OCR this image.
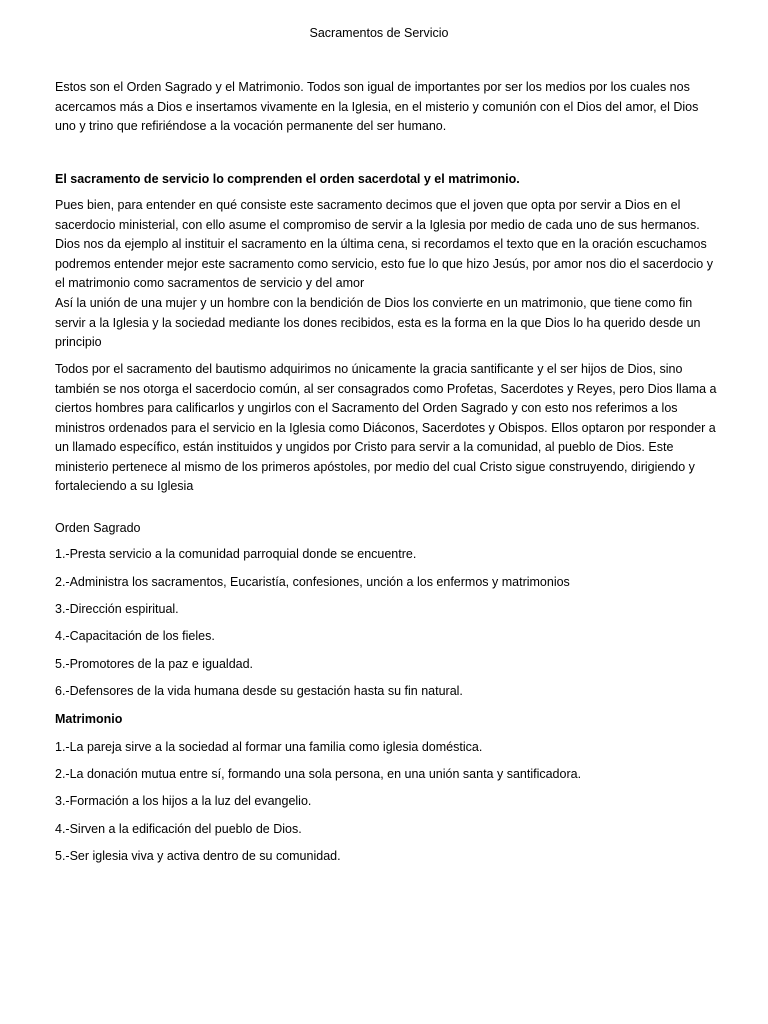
Sacramentos de Servicio
Estos son el Orden Sagrado y el Matrimonio. Todos son igual de importantes por ser los medios por los cuales nos acercamos más a Dios e insertamos vivamente en la Iglesia, en el misterio y comunión con el Dios del amor, el Dios uno y trino que refiriéndose a la vocación permanente del ser humano.
El sacramento de servicio lo comprenden el orden sacerdotal y el matrimonio.
Pues bien, para entender en qué consiste este sacramento decimos que el joven que opta por servir a Dios en el sacerdocio ministerial, con ello asume el compromiso de servir a la Iglesia por medio de cada uno de sus hermanos. Dios nos da ejemplo al instituir el sacramento en la última cena, si recordamos el texto que en la oración escuchamos podremos entender mejor este sacramento como servicio, esto fue lo que hizo Jesús, por amor nos dio el sacerdocio y el matrimonio como sacramentos de servicio y del amor
Así la unión de una mujer y un hombre con la bendición de Dios los convierte en un matrimonio, que tiene como fin servir a la Iglesia y la sociedad mediante los dones recibidos, esta es la forma en la que Dios lo ha querido desde un principio
Todos por el sacramento del bautismo adquirimos no únicamente la gracia santificante y el ser hijos de Dios, sino también se nos otorga el sacerdocio común, al ser consagrados como Profetas, Sacerdotes y Reyes, pero Dios llama a ciertos hombres para calificarlos y ungirlos con el Sacramento del Orden Sagrado y con esto nos referimos a los ministros ordenados para el servicio en la Iglesia como Diáconos, Sacerdotes y Obispos. Ellos optaron por responder a un llamado específico, están instituidos y ungidos por Cristo para servir a la comunidad, al pueblo de Dios. Este ministerio pertenece al mismo de los primeros apóstoles, por medio del cual Cristo sigue construyendo, dirigiendo y fortaleciendo a su Iglesia
Orden Sagrado
1.-Presta servicio a la comunidad parroquial donde se encuentre.
2.-Administra los sacramentos, Eucaristía, confesiones, unción a los enfermos y matrimonios
3.-Dirección espiritual.
4.-Capacitación de los fieles.
5.-Promotores de la paz e igualdad.
6.-Defensores de la vida humana desde su gestación hasta su fin natural.
Matrimonio
1.-La pareja sirve a la sociedad al formar una familia como iglesia doméstica.
2.-La donación mutua entre sí, formando una sola persona, en una unión santa y santificadora.
3.-Formación a los hijos a la luz del evangelio.
4.-Sirven a la edificación del pueblo de Dios.
5.-Ser iglesia viva y activa dentro de su comunidad.
